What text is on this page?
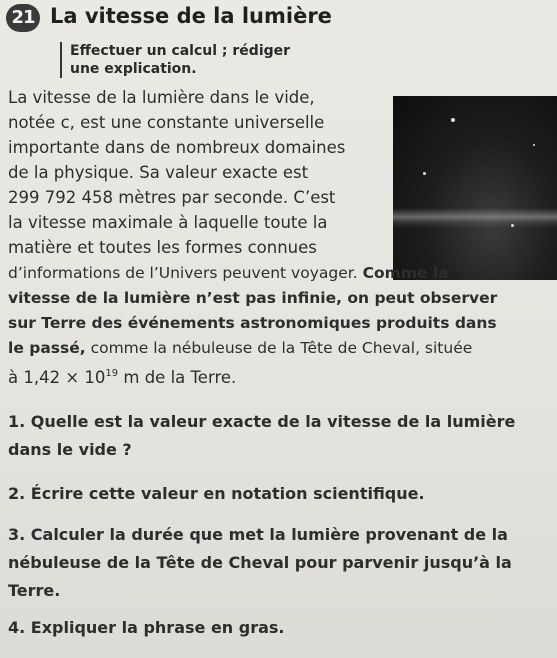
21 La vitesse de la lumière
Effectuer un calcul ; rédiger
une explication.
La vitesse de la lumière dans le vide,
notée c, est une constante universelle
importante dans de nombreux domaines
de la physique. Sa valeur exacte est
299 792 458 mètres par seconde. C’est
la vitesse maximale à laquelle toute la
matière et toutes les formes connues
d’informations de l’Univers peuvent voyager. Comme la
vitesse de la lumière n’est pas infinie, on peut observer
sur Terre des événements astronomiques produits dans
le passé, comme la nébuleuse de la Tête de Cheval, située
à $1,42 \times 10^{19}$ m de la Terre.
1. Quelle est la valeur exacte de la vitesse de la lumière
dans le vide ?
2. Écrire cette valeur en notation scientifique.
3. Calculer la durée que met la lumière provenant de la
nébuleuse de la Tête de Cheval pour parvenir jusqu’à la
Terre.
4. Expliquer la phrase en gras.
